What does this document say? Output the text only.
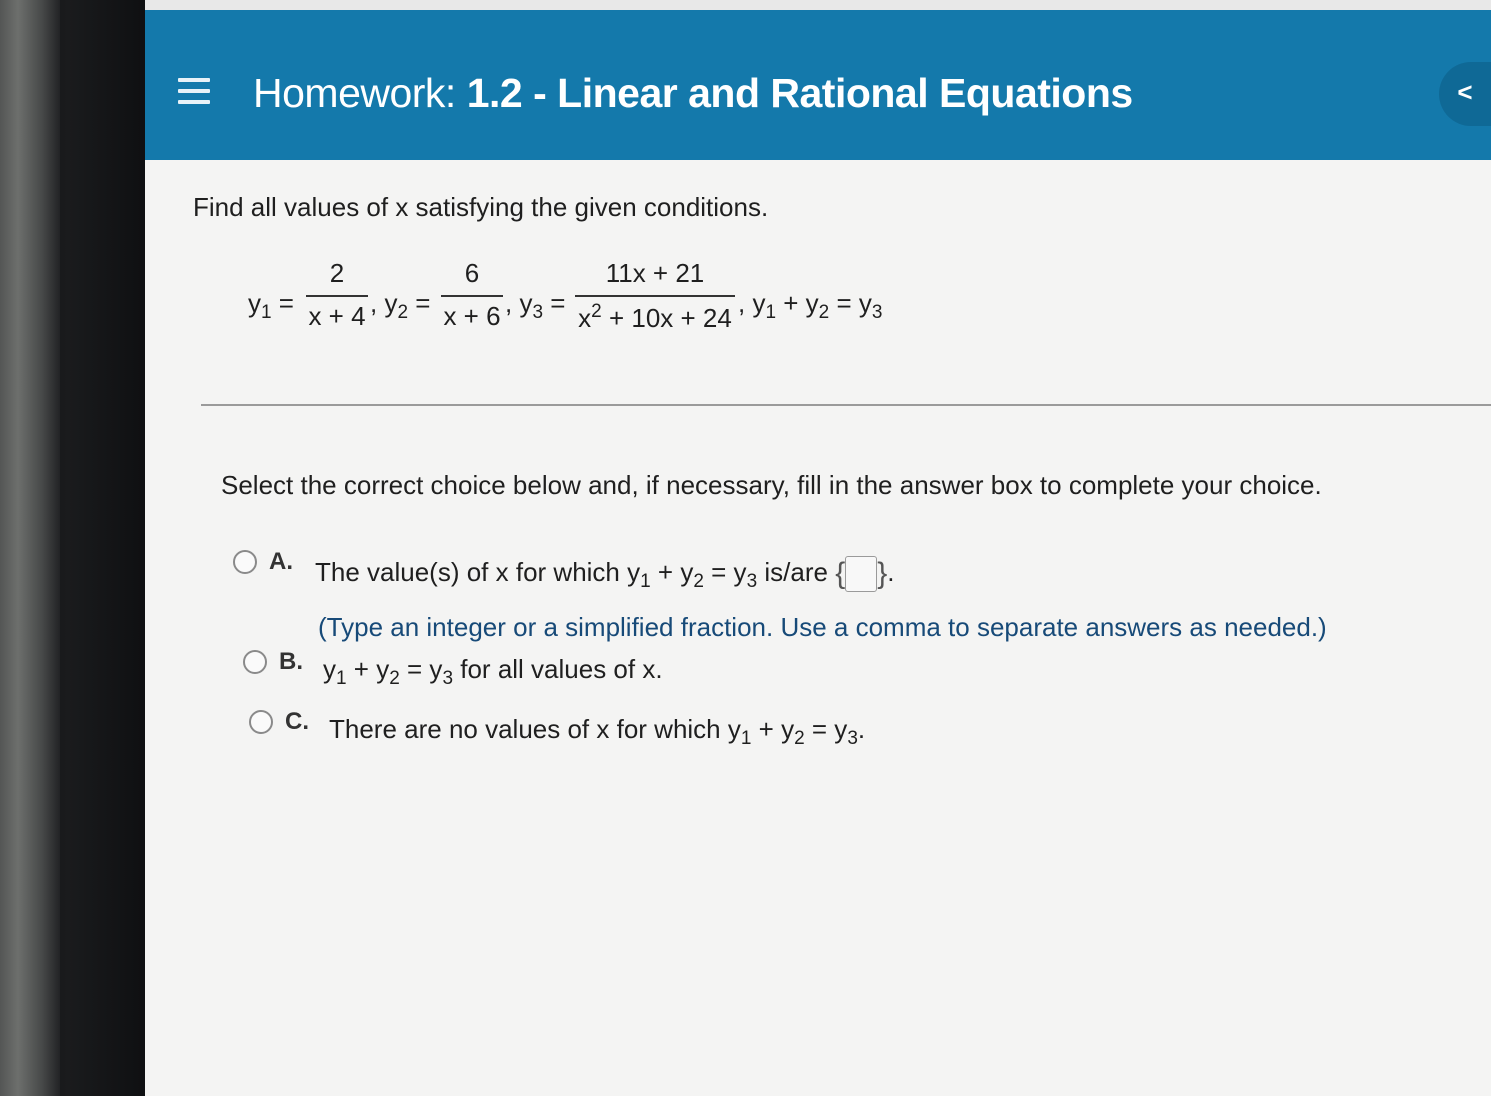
Homework: 1.2 - Linear and Rational Equations	<
Find all values of x satisfying the given conditions.
$y_1$ =
2
x + 4 , $y_2$ =
6
x + 6 , $y_3$ =
11x + 21
$x^2 + 10x + 24$ , $y_1 + y_2 = y_3$
Select the correct choice below and, if necessary, fill in the answer box to complete your choice.
A. The value(s) of x for which $y_1 + y_2 = y_3$ is/are { }.
(Type an integer or a simplified fraction. Use a comma to separate answers as needed.)
B. $y_1 + y_2 = y_3$ for all values of x.
C. There are no values of x for which $y_1 + y_2 = y_3$.
